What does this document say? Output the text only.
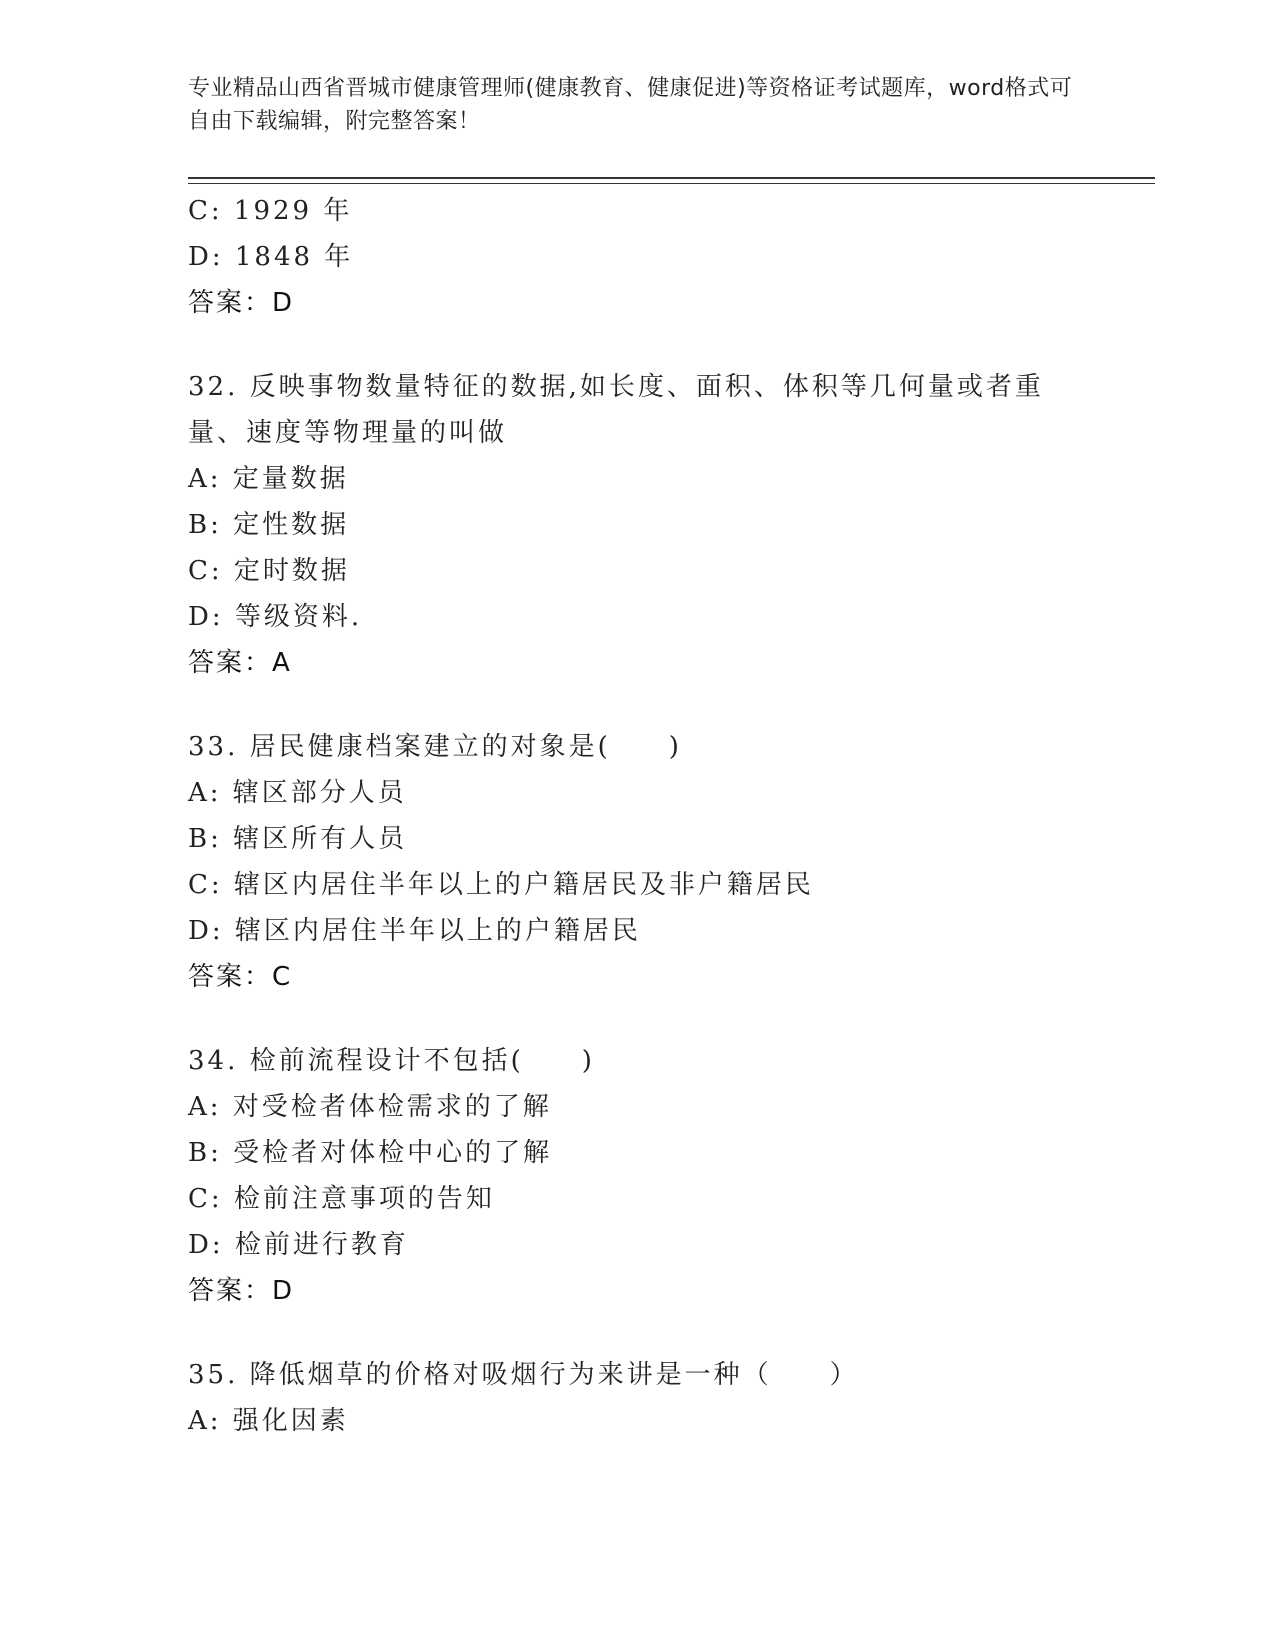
专业精品山西省晋城市健康管理师(健康教育、健康促进)等资格证考试题库，word格式可自由下载编辑，附完整答案！
C: 1929 年
D: 1848 年
答案：D
32. 反映事物数量特征的数据,如长度、面积、体积等几何量或者重量、速度等物理量的叫做
A: 定量数据
B: 定性数据
C: 定时数据
D: 等级资料.
答案：A
33. 居民健康档案建立的对象是(　　)
A: 辖区部分人员
B: 辖区所有人员
C: 辖区内居住半年以上的户籍居民及非户籍居民
D: 辖区内居住半年以上的户籍居民
答案：C
34. 检前流程设计不包括(　　)
A: 对受检者体检需求的了解
B: 受检者对体检中心的了解
C: 检前注意事项的告知
D: 检前进行教育
答案：D
35. 降低烟草的价格对吸烟行为来讲是一种（　　）
A: 强化因素
